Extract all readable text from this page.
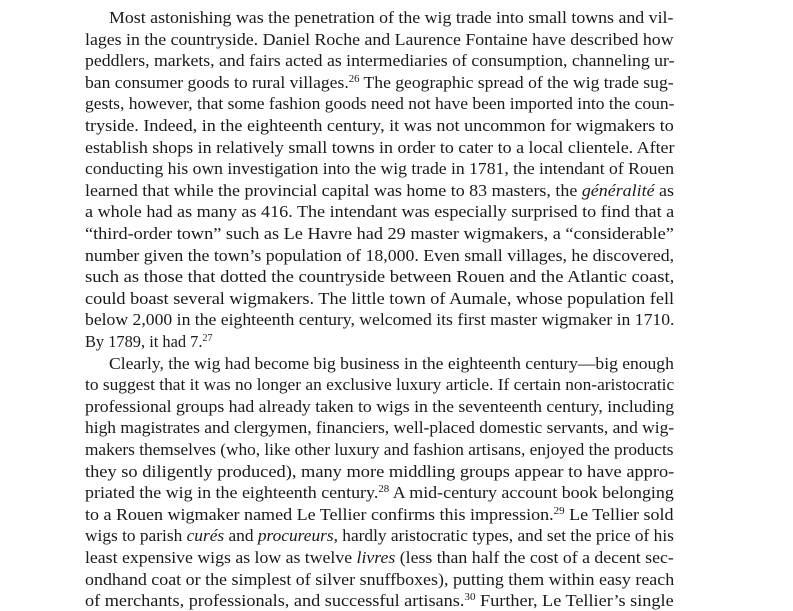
Most astonishing was the penetration of the wig trade into small towns and vil-
lages in the countryside. Daniel Roche and Laurence Fontaine have described how
peddlers, markets, and fairs acted as intermediaries of consumption, channeling ur-
ban consumer goods to rural villages.$^{26}$ The geographic spread of the wig trade sug-
gests, however, that some fashion goods need not have been imported into the coun-
tryside. Indeed, in the eighteenth century, it was not uncommon for wigmakers to
establish shops in relatively small towns in order to cater to a local clientele. After
conducting his own investigation into the wig trade in 1781, the intendant of Rouen
learned that while the provincial capital was home to 83 masters, the généralité as
a whole had as many as 416. The intendant was especially surprised to find that a
“third-order town” such as Le Havre had 29 master wigmakers, a “considerable”
number given the town’s population of 18,000. Even small villages, he discovered,
such as those that dotted the countryside between Rouen and the Atlantic coast,
could boast several wigmakers. The little town of Aumale, whose population fell
below 2,000 in the eighteenth century, welcomed its first master wigmaker in 1710.
By 1789, it had 7.27
Clearly, the wig had become big business in the eighteenth century—big enough
to suggest that it was no longer an exclusive luxury article. If certain non-aristocratic
professional groups had already taken to wigs in the seventeenth century, including
high magistrates and clergymen, financiers, well-placed domestic servants, and wig-
makers themselves (who, like other luxury and fashion artisans, enjoyed the products
they so diligently produced), many more middling groups appear to have appro-
priated the wig in the eighteenth century.$^{28}$ A mid-century account book belonging
to a Rouen wigmaker named Le Tellier confirms this impression.$^{29}$ Le Tellier sold
wigs to parish curés and procureurs, hardly aristocratic types, and set the price of his
least expensive wigs as low as twelve livres (less than half the cost of a decent sec-
ondhand coat or the simplest of silver snuffboxes), putting them within easy reach
of merchants, professionals, and successful artisans.$^{30}$ Further, Le Tellier’s single
